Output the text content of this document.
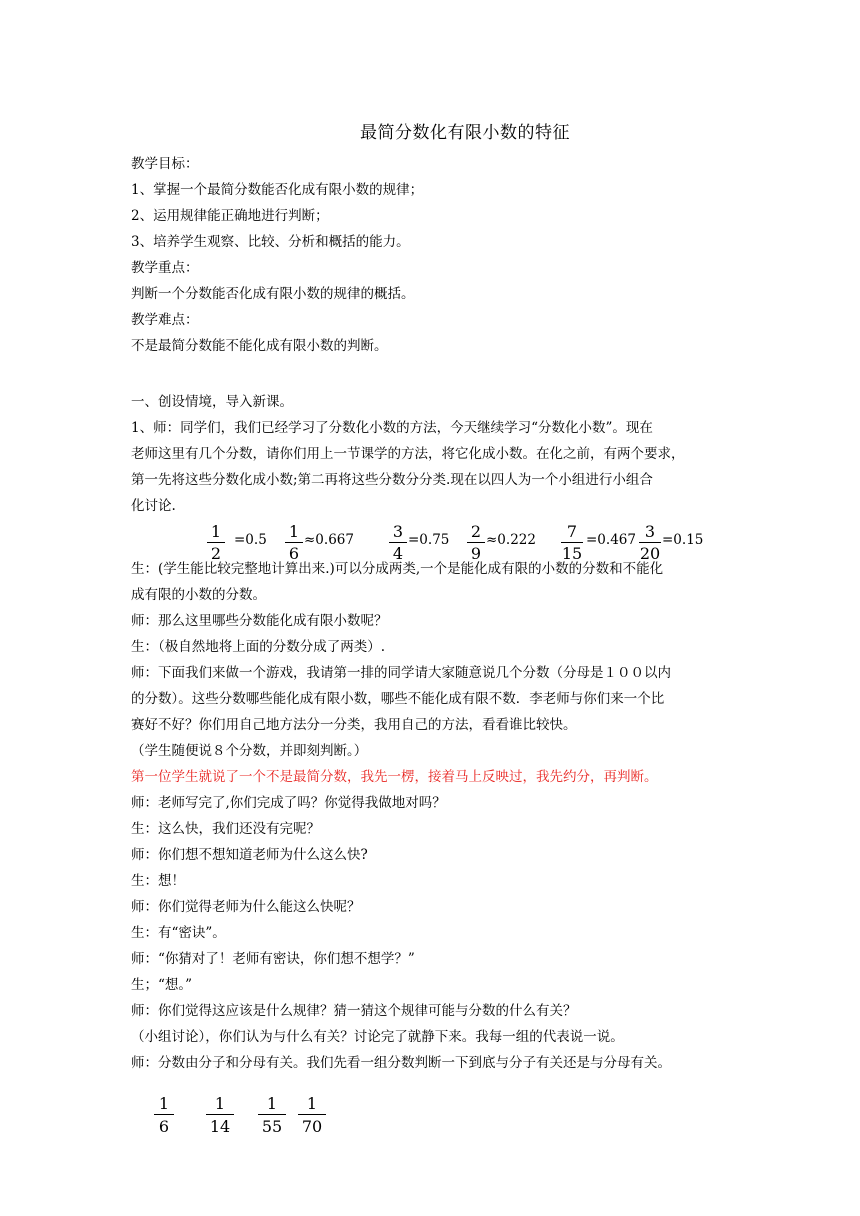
最简分数化有限小数的特征
教学目标：
1、掌握一个最简分数能否化成有限小数的规律；
2、运用规律能正确地进行判断；
3、培养学生观察、比较、分析和概括的能力。
教学重点：
判断一个分数能否化成有限小数的规律的概括。
教学难点：
不是最简分数能不能化成有限小数的判断。
一、创设情境，导入新课。
1、师：同学们，我们已经学习了分数化小数的方法，今天继续学习“分数化小数”。现在
老师这里有几个分数，请你们用上一节课学的方法，将它化成小数。在化之前，有两个要求，
第一先将这些分数化成小数;第二再将这些分数分分类.现在以四人为一个小组进行小组合
化讨论.
1
2
=0.5	1
6
≈0.667	3
4
=0.75	2
9
≈0.222	7
15
=0.467 3
20
=0.15
生：(学生能比较完整地计算出来.)可以分成两类,一个是能化成有限的小数的分数和不能化
成有限的小数的分数。
师：那么这里哪些分数能化成有限小数呢？
生：（极自然地将上面的分数分成了两类）.
师：下面我们来做一个游戏，我请第一排的同学请大家随意说几个分数（分母是１００以内
的分数）。这些分数哪些能化成有限小数，哪些不能化成有限不数．李老师与你们来一个比
赛好不好？你们用自己地方法分一分类，我用自己的方法，看看谁比较快。
（学生随便说８个分数，并即刻判断。）
第一位学生就说了一个不是最简分数，我先一楞，接着马上反映过，我先约分，再判断。
师：老师写完了,你们完成了吗？你觉得我做地对吗？
生：这么快，我们还没有完呢？
师：你们想不想知道老师为什么这么快?
生：想！
师：你们觉得老师为什么能这么快呢？
生：有“密诀”。
师：“你猜对了！老师有密诀，你们想不想学？”
生；“想。”
师：你们觉得这应该是什么规律？猜一猜这个规律可能与分数的什么有关？
（小组讨论），你们认为与什么有关？讨论完了就静下来。我每一组的代表说一说。
师：分数由分子和分母有关。我们先看一组分数判断一下到底与分子有关还是与分母有关。
1
6
1
14
1
55
1
70
